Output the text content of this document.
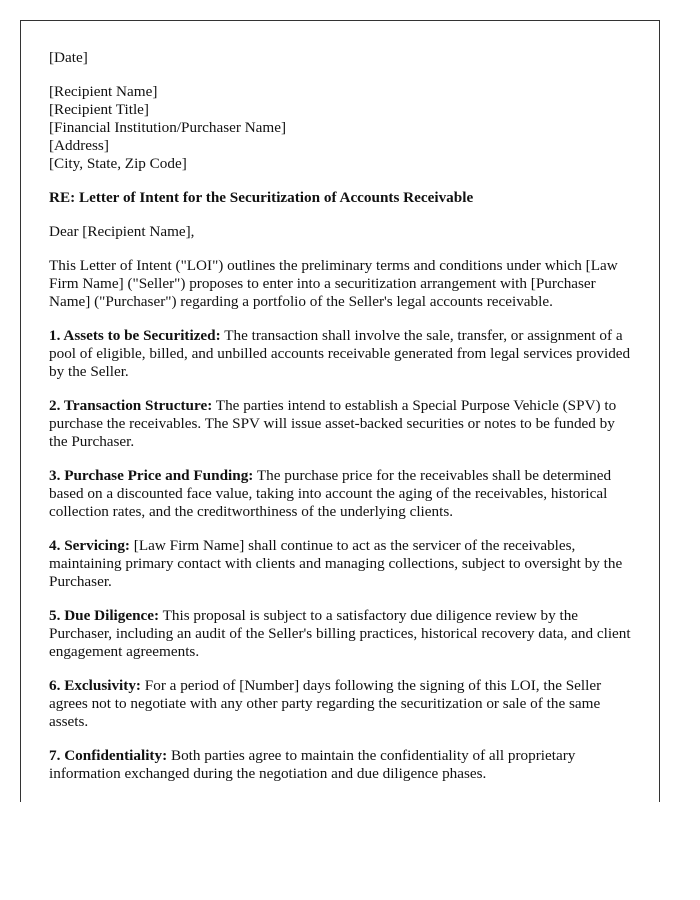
[Date]

[Recipient Name]
[Recipient Title]
[Financial Institution/Purchaser Name]
[Address]
[City, State, Zip Code]

RE: Letter of Intent for the Securitization of Accounts Receivable

Dear [Recipient Name],

This Letter of Intent ("LOI") outlines the preliminary terms and conditions under which [Law Firm Name] ("Seller") proposes to enter into a securitization arrangement with [Purchaser Name] ("Purchaser") regarding a portfolio of the Seller's legal accounts receivable.

1. Assets to be Securitized: The transaction shall involve the sale, transfer, or assignment of a pool of eligible, billed, and unbilled accounts receivable generated from legal services provided by the Seller.

2. Transaction Structure: The parties intend to establish a Special Purpose Vehicle (SPV) to purchase the receivables. The SPV will issue asset-backed securities or notes to be funded by the Purchaser.

3. Purchase Price and Funding: The purchase price for the receivables shall be determined based on a discounted face value, taking into account the aging of the receivables, historical collection rates, and the creditworthiness of the underlying clients.

4. Servicing: [Law Firm Name] shall continue to act as the servicer of the receivables, maintaining primary contact with clients and managing collections, subject to oversight by the Purchaser.

5. Due Diligence: This proposal is subject to a satisfactory due diligence review by the Purchaser, including an audit of the Seller's billing practices, historical recovery data, and client engagement agreements.

6. Exclusivity: For a period of [Number] days following the signing of this LOI, the Seller agrees not to negotiate with any other party regarding the securitization or sale of the same assets.

7. Confidentiality: Both parties agree to maintain the confidentiality of all proprietary information exchanged during the negotiation and due diligence phases.
